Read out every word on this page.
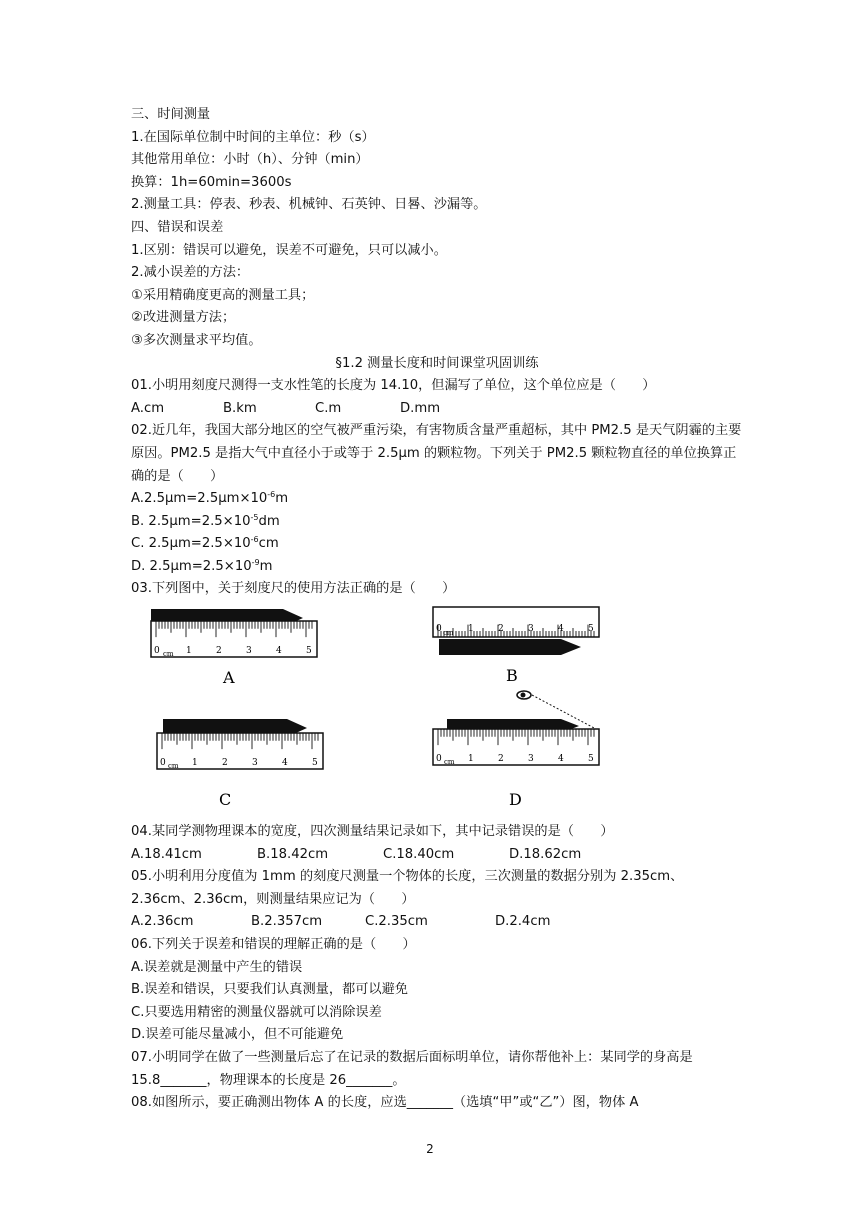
三、时间测量
1.在国际单位制中时间的主单位：秒（s）
其他常用单位：小时（h）、分钟（min）
换算：1h=60min=3600s
2.测量工具：停表、秒表、机械钟、石英钟、日晷、沙漏等。
四、错误和误差
1.区别：错误可以避免，误差不可避免，只可以减小。
2.减小误差的方法：
①采用精确度更高的测量工具；
②改进测量方法；
③多次测量求平均值。
§1.2 测量长度和时间课堂巩固训练
01.小明用刻度尺测得一支水性笔的长度为 14.10，但漏写了单位，这个单位应是（　　）
A.cm	B.km	C.m	D.mm
02.近几年，我国大部分地区的空气被严重污染，有害物质含量严重超标，其中 PM2.5 是天气阴霾的主要原因。PM2.5 是指大气中直径小于或等于 2.5μm 的颗粒物。下列关于 PM2.5 颗粒物直径的单位换算正确的是（　　）
$A.2.5\mu m=2.5\mu m\times 10^{-6}m$
B. $2.5\mu m=2.5\times 10^{-5}dm$
C. $2.5\mu m=2.5\times 10^{-6}cm$
D. $2.5\mu m=2.5\times 10^{-9}m$
03.下列图中，关于刻度尺的使用方法正确的是（　　）
0 cm 1	2	3	4	5
A
0 cm 1	2	3	4	5
B
0 cm 1	2	3	4	5
C
0 cm 1	2	3	4	5
D
04.某同学测物理课本的宽度，四次测量结果记录如下，其中记录错误的是（　　）
A.18.41cm	B.18.42cm	C.18.40cm	D.18.62cm
05.小明利用分度值为 1mm 的刻度尺测量一个物体的长度，三次测量的数据分别为 2.35cm、2.36cm、2.36cm，则测量结果应记为（　　）
A.2.36cm	B.2.357cm	C.2.35cm	D.2.4cm
06.下列关于误差和错误的理解正确的是（　　）
A.误差就是测量中产生的错误
B.误差和错误，只要我们认真测量，都可以避免
C.只要选用精密的测量仪器就可以消除误差
D.误差可能尽量减小，但不可能避免
07.小明同学在做了一些测量后忘了在记录的数据后面标明单位，请你帮他补上：某同学的身高是 15.8_______，物理课本的长度是 26_______。
08.如图所示，要正确测出物体 A 的长度，应选_______（选填“甲”或“乙”）图，物体 A
2
